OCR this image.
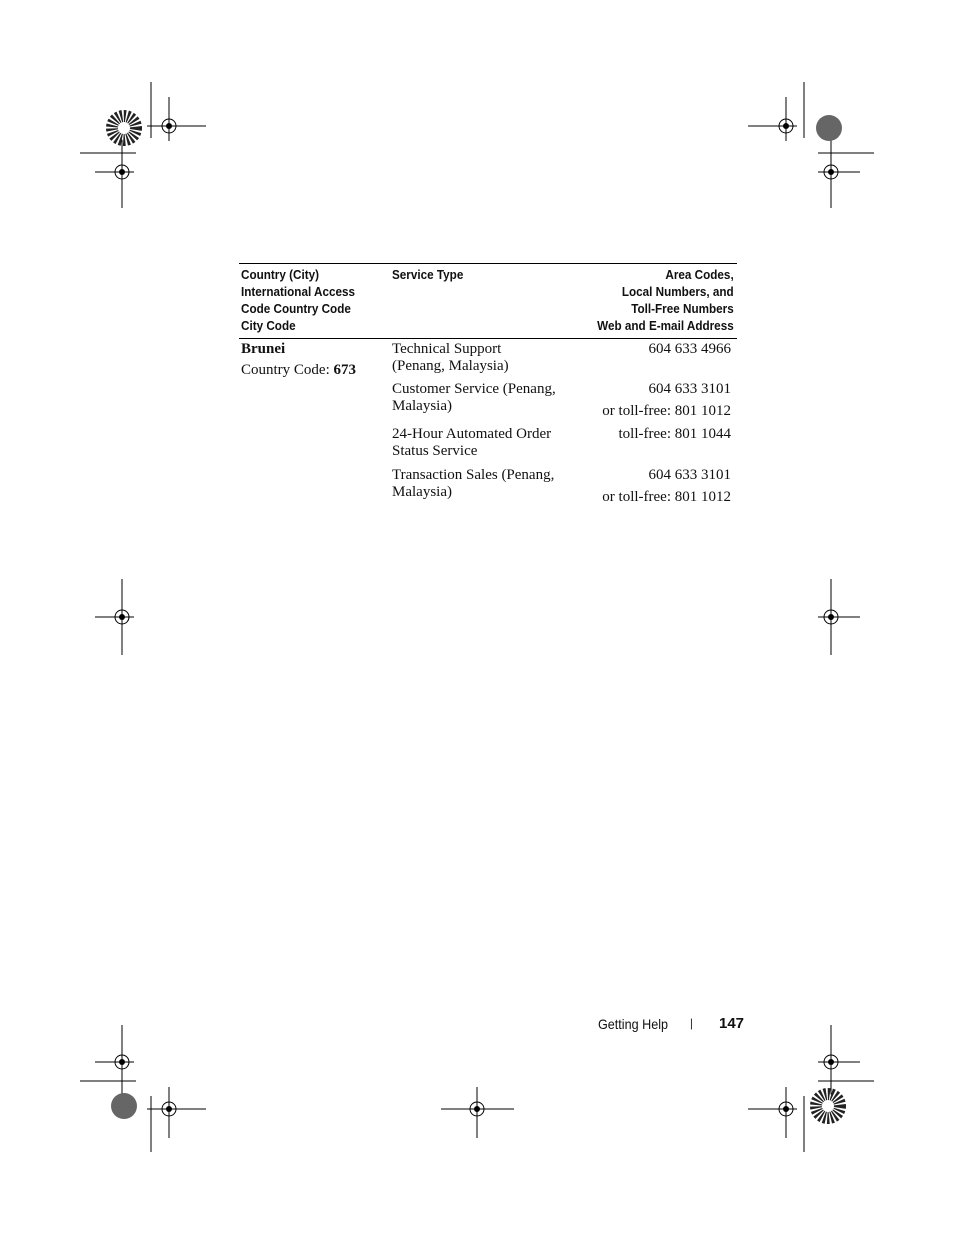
Country (City)
International Access
Code Country Code
City Code
Service Type	Area Codes,
Local Numbers, and
Toll-Free Numbers
Web and E-mail Address
Brunei
Country Code: 673
Technical Support
(Penang, Malaysia)
604 633 4966
Customer Service (Penang,
Malaysia)
604 633 3101
or toll-free: 801 1012
24-Hour Automated Order
Status Service
toll-free: 801 1044
Transaction Sales (Penang,
Malaysia)
604 633 3101
or toll-free: 801 1012
Getting Help | 147
